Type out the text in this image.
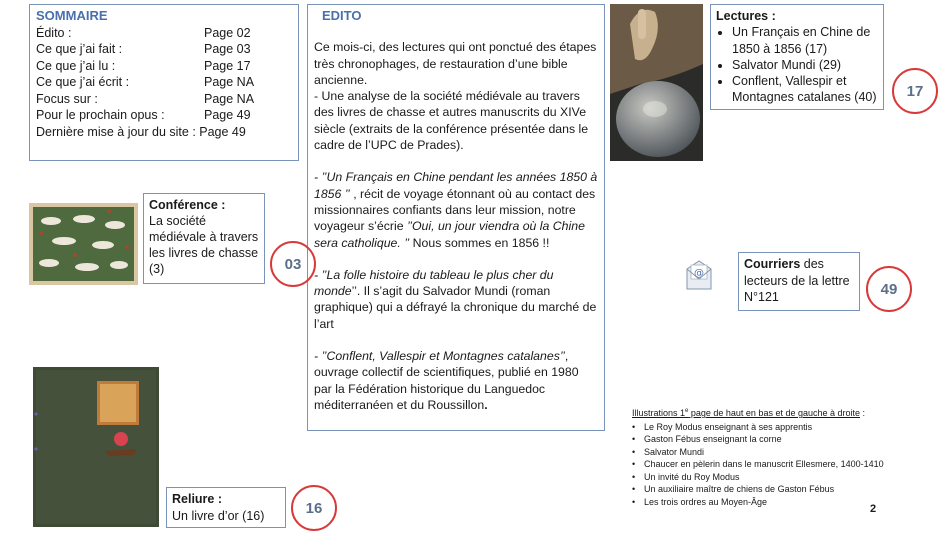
SOMMAIRE
Édito :	Page 02
Ce que j’ai fait :	Page 03
Ce que j’ai lu :	Page 17
Ce que j’ai écrit :	Page NA
Focus sur :	Page NA
Pour le prochain opus :	Page 49
Dernière mise à jour du site : Page 49
EDITO

Ce mois-ci, des lectures qui ont ponctué des étapes très chronophages, de restauration d’une bible ancienne.

- Une analyse de la société médiévale au travers des livres de chasse et autres manuscrits du XIVe siècle (extraits de la conférence présentée dans le cadre de l’UPC de Prades).

- ’’Un Français en Chine pendant les années 1850 à 1856 ’’ , récit de voyage étonnant où au contact des missionnaires confiants dans leur mission, notre voyageur s’écrie ’’Oui, un jour viendra où la Chine sera catholique. ’’ Nous sommes en 1856 !!

- ’’La folle histoire du tableau le plus cher du monde’’. Il s’agit du Salvador Mundi (roman graphique) qui a défrayé la chronique du marché de l’art

- ’’Conflent, Vallespir et Montagnes catalanes’’, ouvrage collectif de scientifiques, publié en 1980 par la Fédération historique du Languedoc méditerranéen et du Roussillon.

Lectures :
• Un Français en Chine de 1850 à 1856 (17)
• Salvator Mundi (29)
• Conflent, Vallespir et Montagnes catalanes (40)	17
Conférence :
La société médiévale à travers les livres de chasse (3)	03
@
Courriers des lecteurs de la lettre N°121	49
Reliure :
Un livre d’or (16)	16
Illustrations 1e page de haut en bas et de gauche à droite :
• Le Roy Modus enseignant à ses apprentis
• Gaston Fébus enseignant la corne
• Salvator Mundi
• Chaucer en pèlerin dans le manuscrit Ellesmere, 1400-1410
• Un invité du Roy Modus
• Un auxiliaire maître de chiens de Gaston Fébus
• Les trois ordres au Moyen-Âge
2
